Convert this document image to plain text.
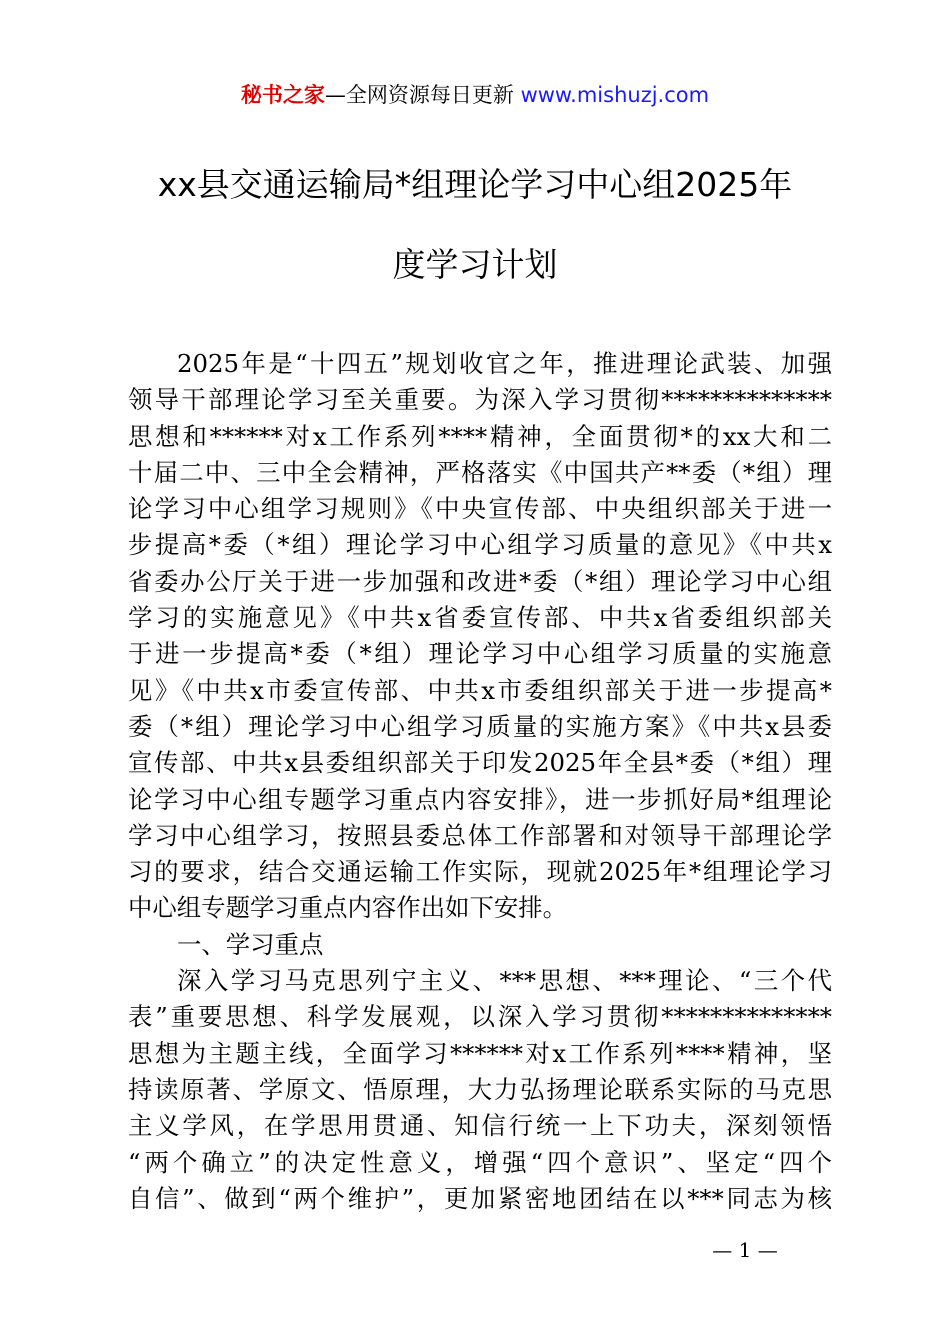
秘书之家—全网资源每日更新 www.mishuzj.com
xx县交通运输局*组理论学习中心组2025年
度学习计划
2025年是“十四五”规划收官之年，推进理论武装、加强
领导干部理论学习至关重要。为深入学习贯彻**************
思想和******对x工作系列****精神，全面贯彻*的xx大和二
十届二中、三中全会精神，严格落实《中国共产**委（*组）理
论学习中心组学习规则》《中央宣传部、中央组织部关于进一
步提高*委（*组）理论学习中心组学习质量的意见》《中共x
省委办公厅关于进一步加强和改进*委（*组）理论学习中心组
学习的实施意见》《中共x省委宣传部、中共x省委组织部关
于进一步提高*委（*组）理论学习中心组学习质量的实施意
见》《中共x市委宣传部、中共x市委组织部关于进一步提高*
委（*组）理论学习中心组学习质量的实施方案》《中共x县委
宣传部、中共x县委组织部关于印发2025年全县*委（*组）理
论学习中心组专题学习重点内容安排》，进一步抓好局*组理论
学习中心组学习，按照县委总体工作部署和对领导干部理论学
习的要求，结合交通运输工作实际，现就2025年*组理论学习
中心组专题学习重点内容作出如下安排。
一、学习重点
深入学习马克思列宁主义、***思想、***理论、“三个代
表”重要思想、科学发展观，以深入学习贯彻**************
思想为主题主线，全面学习******对x工作系列****精神，坚
持读原著、学原文、悟原理，大力弘扬理论联系实际的马克思
主义学风，在学思用贯通、知信行统一上下功夫，深刻领悟
“两个确立”的决定性意义，增强“四个意识”、坚定“四个
自信”、做到“两个维护”，更加紧密地团结在以***同志为核
— 1 —
